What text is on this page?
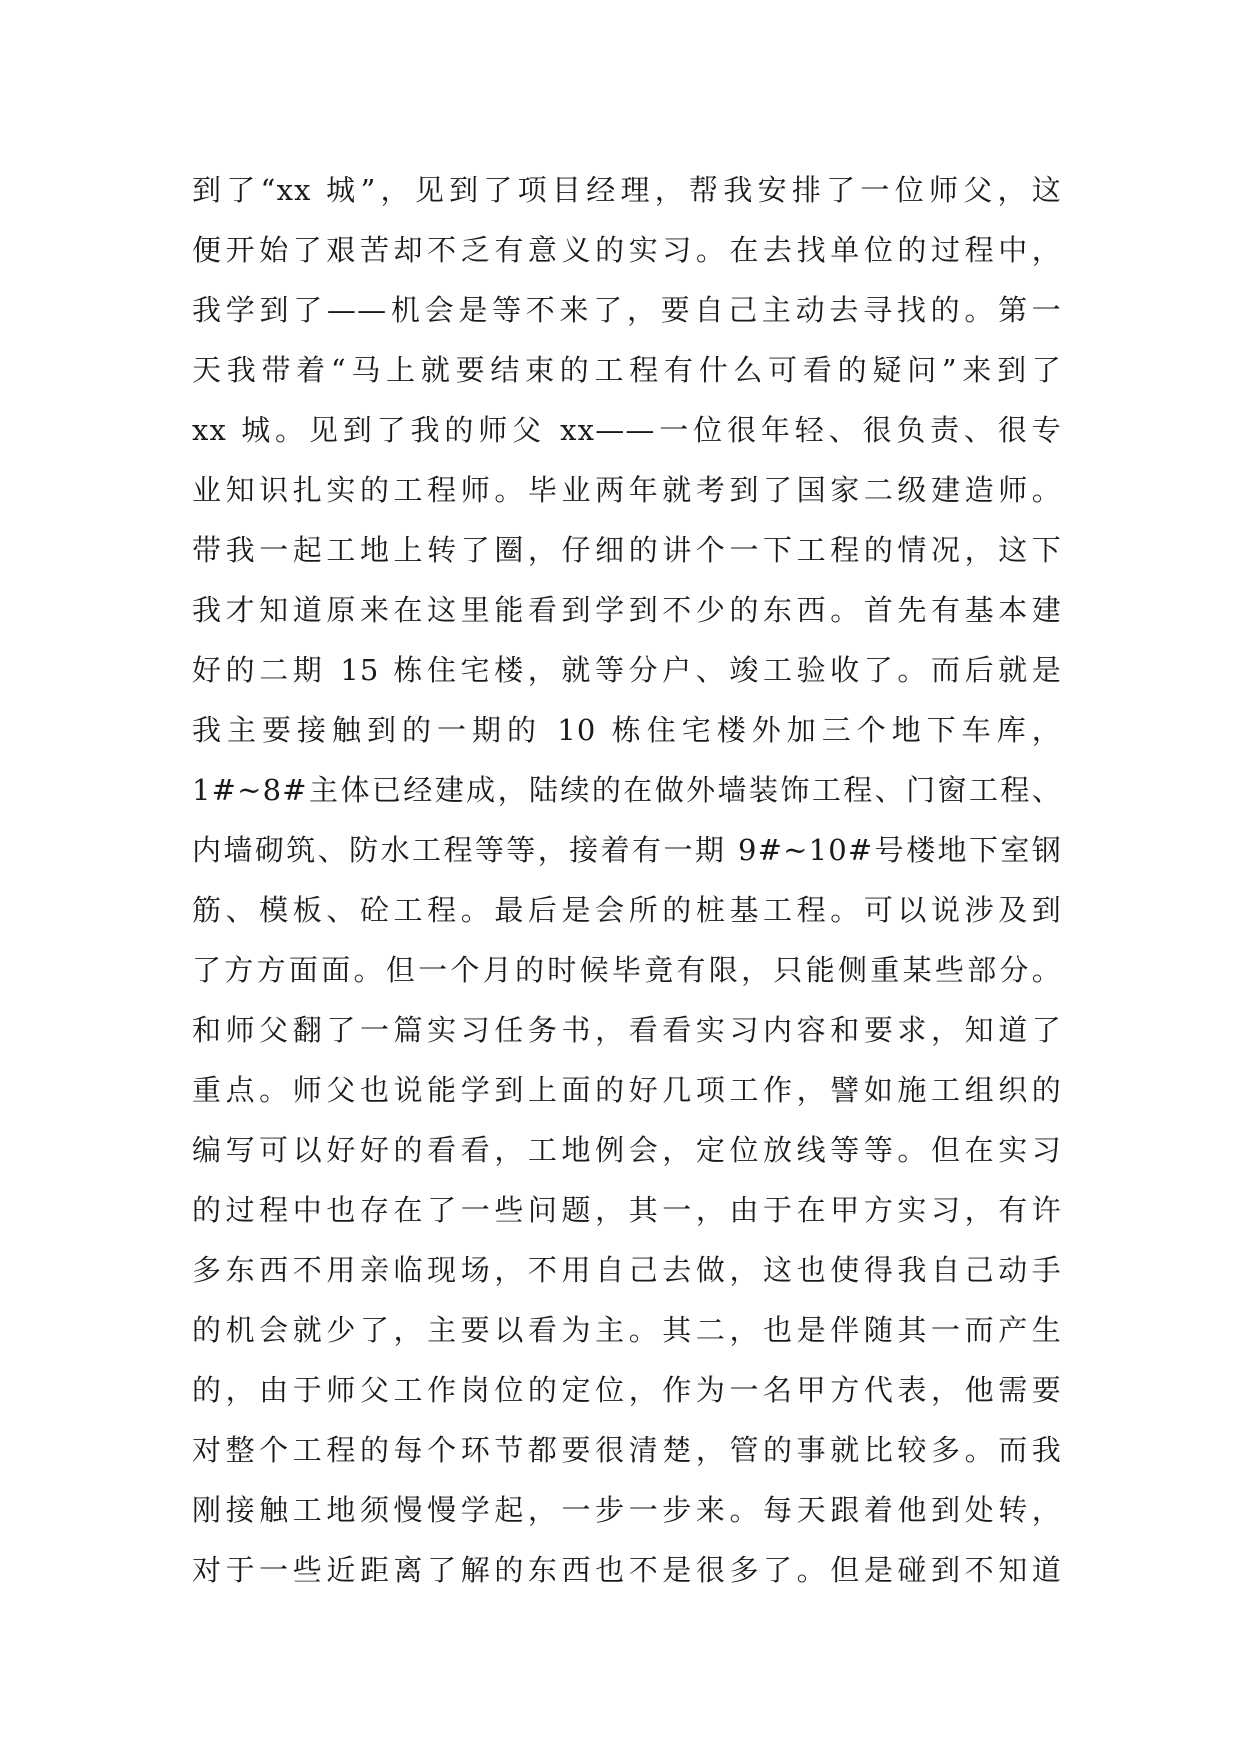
到了“xx 城”，见到了项目经理，帮我安排了一位师父，这
便开始了艰苦却不乏有意义的实习。在去找单位的过程中，
我学到了——机会是等不来了，要自己主动去寻找的。第一
天我带着“马上就要结束的工程有什么可看的疑问”来到了
xx 城。见到了我的师父 xx——一位很年轻、很负责、很专
业知识扎实的工程师。毕业两年就考到了国家二级建造师。
带我一起工地上转了圈，仔细的讲个一下工程的情况，这下
我才知道原来在这里能看到学到不少的东西。首先有基本建
好的二期 15 栋住宅楼，就等分户、竣工验收了。而后就是
我主要接触到的一期的 10 栋住宅楼外加三个地下车库，
1#~8#主体已经建成，陆续的在做外墙装饰工程、门窗工程、
内墙砌筑、防水工程等等，接着有一期 9#~10#号楼地下室钢
筋、模板、砼工程。最后是会所的桩基工程。可以说涉及到
了方方面面。但一个月的时候毕竟有限，只能侧重某些部分。
和师父翻了一篇实习任务书，看看实习内容和要求，知道了
重点。师父也说能学到上面的好几项工作，譬如施工组织的
编写可以好好的看看，工地例会，定位放线等等。但在实习
的过程中也存在了一些问题，其一，由于在甲方实习，有许
多东西不用亲临现场，不用自己去做，这也使得我自己动手
的机会就少了，主要以看为主。其二，也是伴随其一而产生
的，由于师父工作岗位的定位，作为一名甲方代表，他需要
对整个工程的每个环节都要很清楚，管的事就比较多。而我
刚接触工地须慢慢学起，一步一步来。每天跟着他到处转，
对于一些近距离了解的东西也不是很多了。但是碰到不知道
